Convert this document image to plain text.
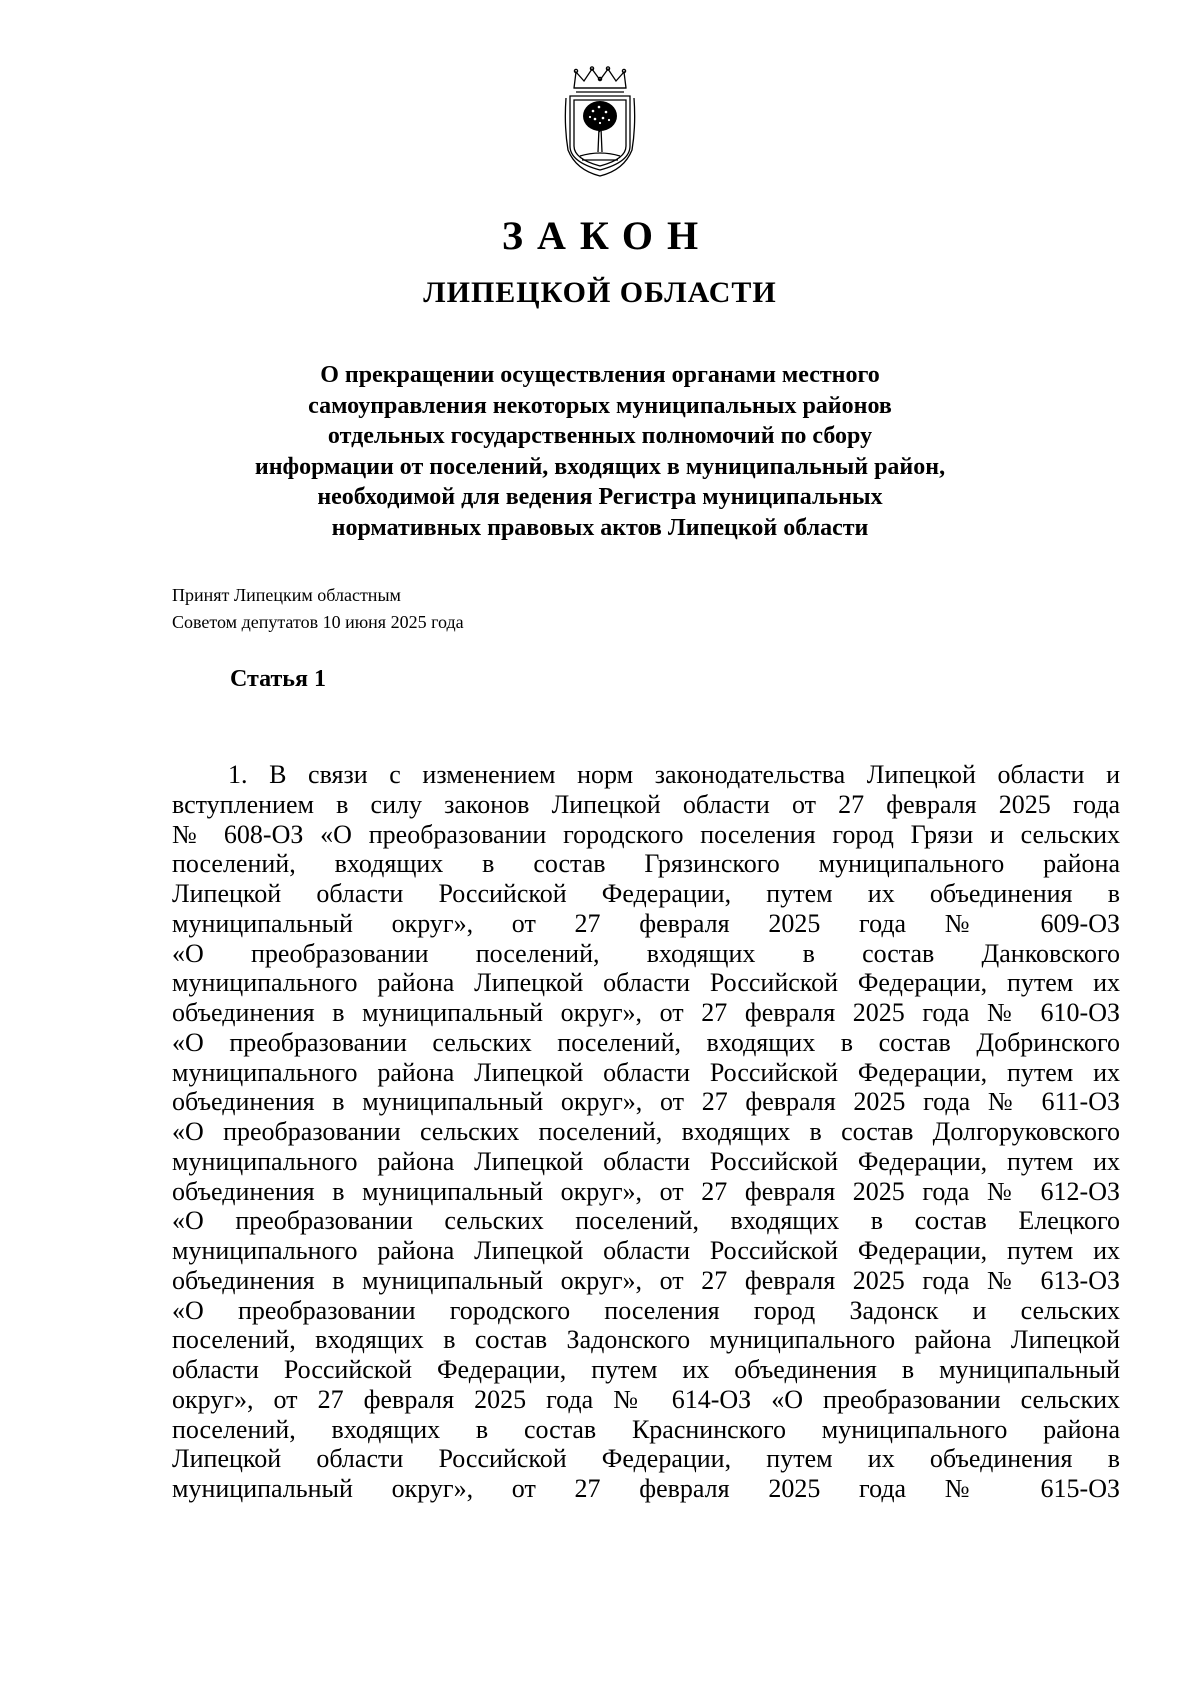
ЗАКОН
ЛИПЕЦКОЙ ОБЛАСТИ
О прекращении осуществления органами местного
самоуправления некоторых муниципальных районов
отдельных государственных полномочий по сбору
информации от поселений, входящих в муниципальный район,
необходимой для ведения Регистра муниципальных
нормативных правовых актов Липецкой области
Принят Липецким областным
Советом депутатов 10 июня 2025 года
Статья 1
1. В связи с изменением норм законодательства Липецкой области и
вступлением в силу законов Липецкой области от 27 февраля 2025 года
№ 608-ОЗ «О преобразовании городского поселения город Грязи и сельских
поселений, входящих в состав Грязинского муниципального района
Липецкой области Российской Федерации, путем их объединения в
муниципальный округ», от 27 февраля 2025 года № 609-ОЗ
«О преобразовании поселений, входящих в состав Данковского
муниципального района Липецкой области Российской Федерации, путем их
объединения в муниципальный округ», от 27 февраля 2025 года № 610-ОЗ
«О преобразовании сельских поселений, входящих в состав Добринского
муниципального района Липецкой области Российской Федерации, путем их
объединения в муниципальный округ», от 27 февраля 2025 года № 611-ОЗ
«О преобразовании сельских поселений, входящих в состав Долгоруковского
муниципального района Липецкой области Российской Федерации, путем их
объединения в муниципальный округ», от 27 февраля 2025 года № 612-ОЗ
«О преобразовании сельских поселений, входящих в состав Елецкого
муниципального района Липецкой области Российской Федерации, путем их
объединения в муниципальный округ», от 27 февраля 2025 года № 613-ОЗ
«О преобразовании городского поселения город Задонск и сельских
поселений, входящих в состав Задонского муниципального района Липецкой
области Российской Федерации, путем их объединения в муниципальный
округ», от 27 февраля 2025 года № 614-ОЗ «О преобразовании сельских
поселений, входящих в состав Краснинского муниципального района
Липецкой области Российской Федерации, путем их объединения в
муниципальный округ», от 27 февраля 2025 года № 615-ОЗ
